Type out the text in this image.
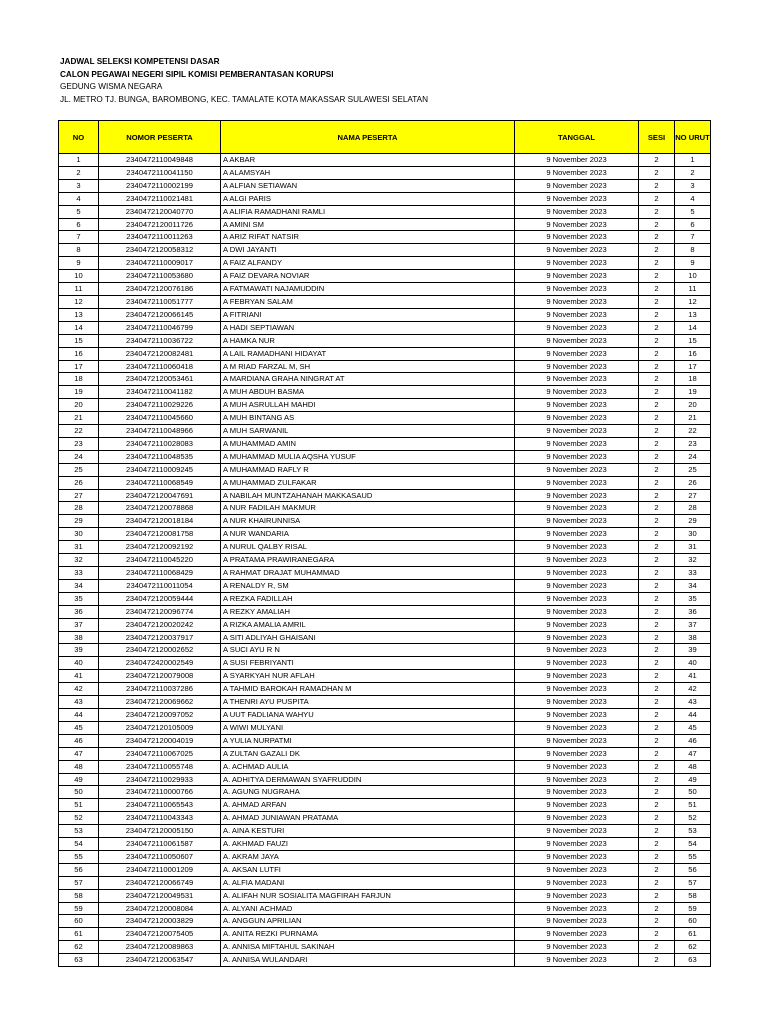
JADWAL SELEKSI KOMPETENSI DASAR
CALON PEGAWAI NEGERI SIPIL KOMISI PEMBERANTASAN KORUPSI
GEDUNG WISMA NEGARA
JL. METRO TJ. BUNGA, BAROMBONG, KEC. TAMALATE KOTA MAKASSAR SULAWESI SELATAN
NO	NOMOR PESERTA	NAMA PESERTA	TANGGAL	SESI	NO URUT
1	2340472110049848	A AKBAR	9 November 2023	2	1
2	2340472110041150	A ALAMSYAH	9 November 2023	2	2
3	2340472110002199	A ALFIAN SETIAWAN	9 November 2023	2	3
4	2340472110021481	A ALGI PARIS	9 November 2023	2	4
5	2340472120040770	A ALIFIA RAMADHANI RAMLI	9 November 2023	2	5
6	2340472120011726	A AMINI SM	9 November 2023	2	6
7	2340472110011263	A ARIZ RIFAT NATSIR	9 November 2023	2	7
8	2340472120058312	A DWI JAYANTI	9 November 2023	2	8
9	2340472110009017	A FAIZ ALFANDY	9 November 2023	2	9
10	2340472110053680	A FAIZ DEVARA NOVIAR	9 November 2023	2	10
11	2340472120076186	A FATMAWATI NAJAMUDDIN	9 November 2023	2	11
12	2340472110051777	A FEBRYAN SALAM	9 November 2023	2	12
13	2340472120066145	A FITRIANI	9 November 2023	2	13
14	2340472110046799	A HADI SEPTIAWAN	9 November 2023	2	14
15	2340472110036722	A HAMKA NUR	9 November 2023	2	15
16	2340472120082481	A LAIL RAMADHANI HIDAYAT	9 November 2023	2	16
17	2340472110060418	A M RIAD FARZAL M, SH	9 November 2023	2	17
18	2340472120053461	A MARDIANA GRAHA NINGRAT AT	9 November 2023	2	18
19	2340472110041182	A MUH ABDUH BASMA	9 November 2023	2	19
20	2340472110029226	A MUH ASRULLAH MAHDI	9 November 2023	2	20
21	2340472110045660	A MUH BINTANG AS	9 November 2023	2	21
22	2340472110048966	A MUH SARWANIL	9 November 2023	2	22
23	2340472110028083	A MUHAMMAD AMIN	9 November 2023	2	23
24	2340472110048535	A MUHAMMAD MULIA AQSHA YUSUF	9 November 2023	2	24
25	2340472110009245	A MUHAMMAD RAFLY R	9 November 2023	2	25
26	2340472110068549	A MUHAMMAD ZULFAKAR	9 November 2023	2	26
27	2340472120047691	A NABILAH MUNTZAHANAH MAKKASAUD	9 November 2023	2	27
28	2340472120078868	A NUR FADILAH MAKMUR	9 November 2023	2	28
29	2340472120018184	A NUR KHAIRUNNISA	9 November 2023	2	29
30	2340472120081758	A NUR WANDARIA	9 November 2023	2	30
31	2340472120092192	A NURUL QALBY RISAL	9 November 2023	2	31
32	2340472110045220	A PRATAMA PRAWIRANEGARA	9 November 2023	2	32
33	2340472110068429	A RAHMAT DRAJAT MUHAMMAD	9 November 2023	2	33
34	2340472110011054	A RENALDY R, SM	9 November 2023	2	34
35	2340472120059444	A REZKA FADILLAH	9 November 2023	2	35
36	2340472120096774	A REZKY AMALIAH	9 November 2023	2	36
37	2340472120020242	A RIZKA AMALIA AMRIL	9 November 2023	2	37
38	2340472120037917	A SITI ADLIYAH GHAISANI	9 November 2023	2	38
39	2340472120002652	A SUCI AYU R N	9 November 2023	2	39
40	2340472420002549	A SUSI FEBRIYANTI	9 November 2023	2	40
41	2340472120079008	A SYARKYAH NUR AFLAH	9 November 2023	2	41
42	2340472110037286	A TAHMID BAROKAH RAMADHAN M	9 November 2023	2	42
43	2340472120069662	A THENRI AYU PUSPITA	9 November 2023	2	43
44	2340472120097052	A UUT FADLIANA WAHYU	9 November 2023	2	44
45	2340472120105009	A WIWI MULYANI	9 November 2023	2	45
46	2340472120004019	A YULIA NURPATMI	9 November 2023	2	46
47	2340472110067025	A ZULTAN GAZALI DK	9 November 2023	2	47
48	2340472110055748	A. ACHMAD AULIA	9 November 2023	2	48
49	2340472110029933	A. ADHITYA DERMAWAN SYAFRUDDIN	9 November 2023	2	49
50	2340472110000766	A. AGUNG NUGRAHA	9 November 2023	2	50
51	2340472110065543	A. AHMAD ARFAN	9 November 2023	2	51
52	2340472110043343	A. AHMAD JUNIAWAN PRATAMA	9 November 2023	2	52
53	2340472120005150	A. AINA KESTURI	9 November 2023	2	53
54	2340472110061587	A. AKHMAD FAUZI	9 November 2023	2	54
55	2340472110050607	A. AKRAM JAYA	9 November 2023	2	55
56	2340472110001209	A. AKSAN LUTFI	9 November 2023	2	56
57	2340472120066749	A. ALFIA MADANI	9 November 2023	2	57
58	2340472120049531	A. ALIFAH NUR SOSIALITA MAGFIRAH FARJUN	9 November 2023	2	58
59	2340472120008084	A. ALYANI ACHMAD	9 November 2023	2	59
60	2340472120003829	A. ANGGUN APRILIAN	9 November 2023	2	60
61	2340472120075405	A. ANITA REZKI PURNAMA	9 November 2023	2	61
62	2340472120089863	A. ANNISA MIFTAHUL SAKINAH	9 November 2023	2	62
63	2340472120063547	A. ANNISA WULANDARI	9 November 2023	2	63
